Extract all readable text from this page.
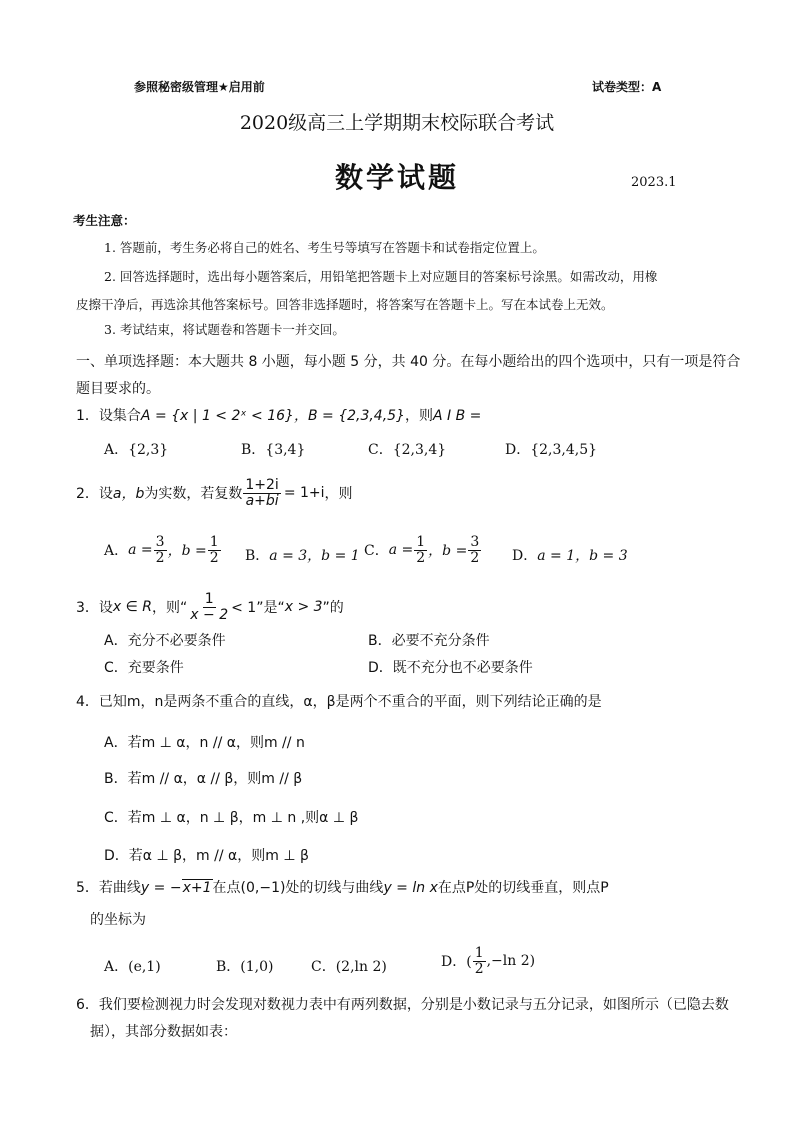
参照秘密级管理★启用前	试卷类型：A
2020级高三上学期期末校际联合考试
数学试题	2023.1
考生注意：
1. 答题前，考生务必将自己的姓名、考生号等填写在答题卡和试卷指定位置上。
2. 回答选择题时，选出每小题答案后，用铅笔把答题卡上对应题目的答案标号涂黑。如需改动，用橡
皮擦干净后，再选涂其他答案标号。回答非选择题时，将答案写在答题卡上。写在本试卷上无效。
3. 考试结束，将试题卷和答题卡一并交回。
一、单项选择题：本大题共 8 小题，每小题 5 分，共 40 分。在每小题给出的四个选项中，只有一项是符合
题目要求的。
1．设集合A = {x | 1 < 2ˣ < 16}，B = {2,3,4,5}，则A I B =
A．{2,3}	B．{3,4}	C．{2,3,4}	D．{2,3,4,5}
2．设 a，b 为实数，若复数 $\frac{1+2i}{a+bi} = 1+i$ ，则
A． $a = \frac{3}{2}$ ，$b = \frac{1}{2}$ B．a = 3，b = 1 C． $a = \frac{1}{2}$ ，$b = \frac{3}{2}$ D．a = 1，b = 3
3．设 x ∈ R ，则“ $\frac{1}{x - 2} < 1$”是“ x > 3 ”的
A．充分不必要条件	B．必要不充分条件
C．充要条件	D．既不充分也不必要条件
4．已知m，n是两条不重合的直线，α，β是两个不重合的平面，则下列结论正确的是
A．若m ⊥ α，n // α，则m // n
B．若m // α，α // β，则m // β
C．若m ⊥ α，n ⊥ β，m ⊥ n ,则α ⊥ β
D．若α ⊥ β，m // α，则m ⊥ β
5．若曲线y = −x+1在点(0,−1)处的切线与曲线y = ln x在点P处的切线垂直，则点P
的坐标为
A．(e,1)	B．(1,0)	C．(2,ln 2)	D．( $\frac{1}{2} ,-\ln$ 2)
6．我们要检测视力时会发现对数视力表中有两列数据，分别是小数记录与五分记录，如图所示（已隐去数
据），其部分数据如表：
